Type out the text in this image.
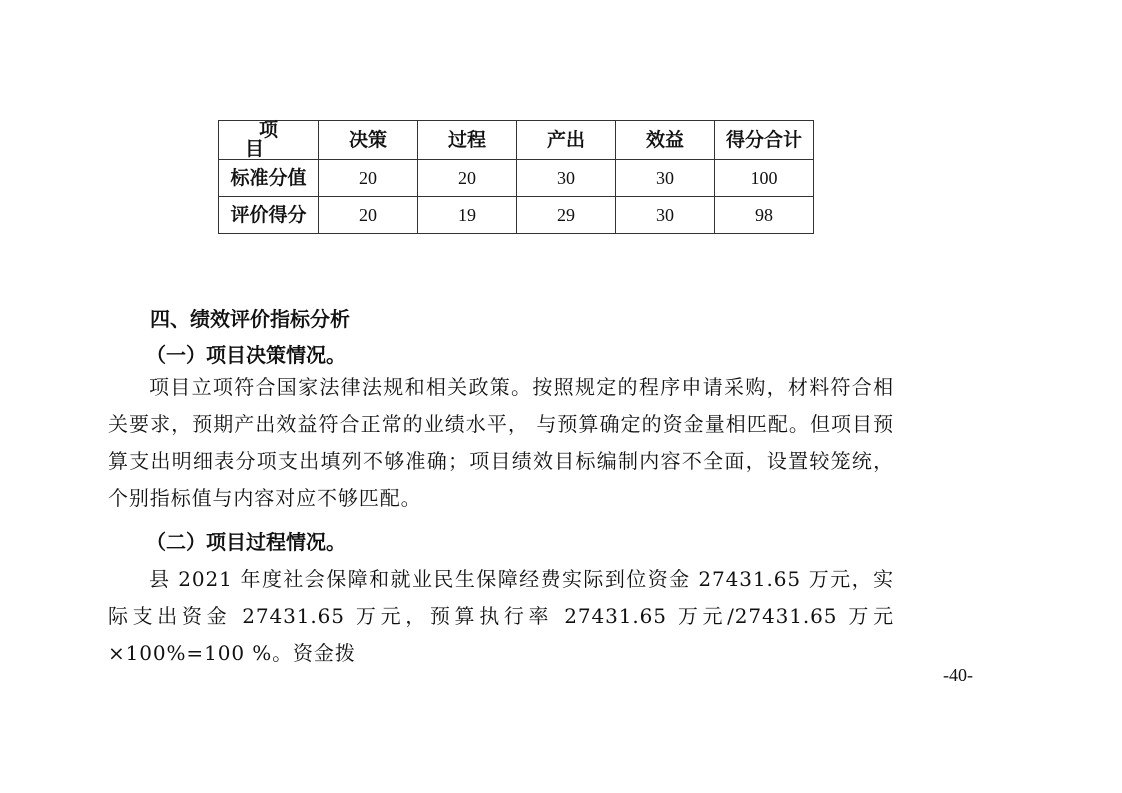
项目	决策	过程	产出	效益	得分合计
标准分值	20	20	30	30	100
评价得分	20	19	29	30	98
四、绩效评价指标分析
（一）项目决策情况。

项目立项符合国家法律法规和相关政策。按照规定的程序申请采购，材料符合相关要求，预期产出效益符合正常的业绩水平， 与预算确定的资金量相匹配。但项目预算支出明细表分项支出填列不够准确；项目绩效目标编制内容不全面，设置较笼统，个别指标值与内容对应不够匹配。

（二）项目过程情况。

县 2021 年度社会保障和就业民生保障经费实际到位资金 27431.65 万元，实际支出资金 27431.65 万元，预算执行率 27431.65 万元/27431.65 万元×100%=100 %。资金拨

-40-
